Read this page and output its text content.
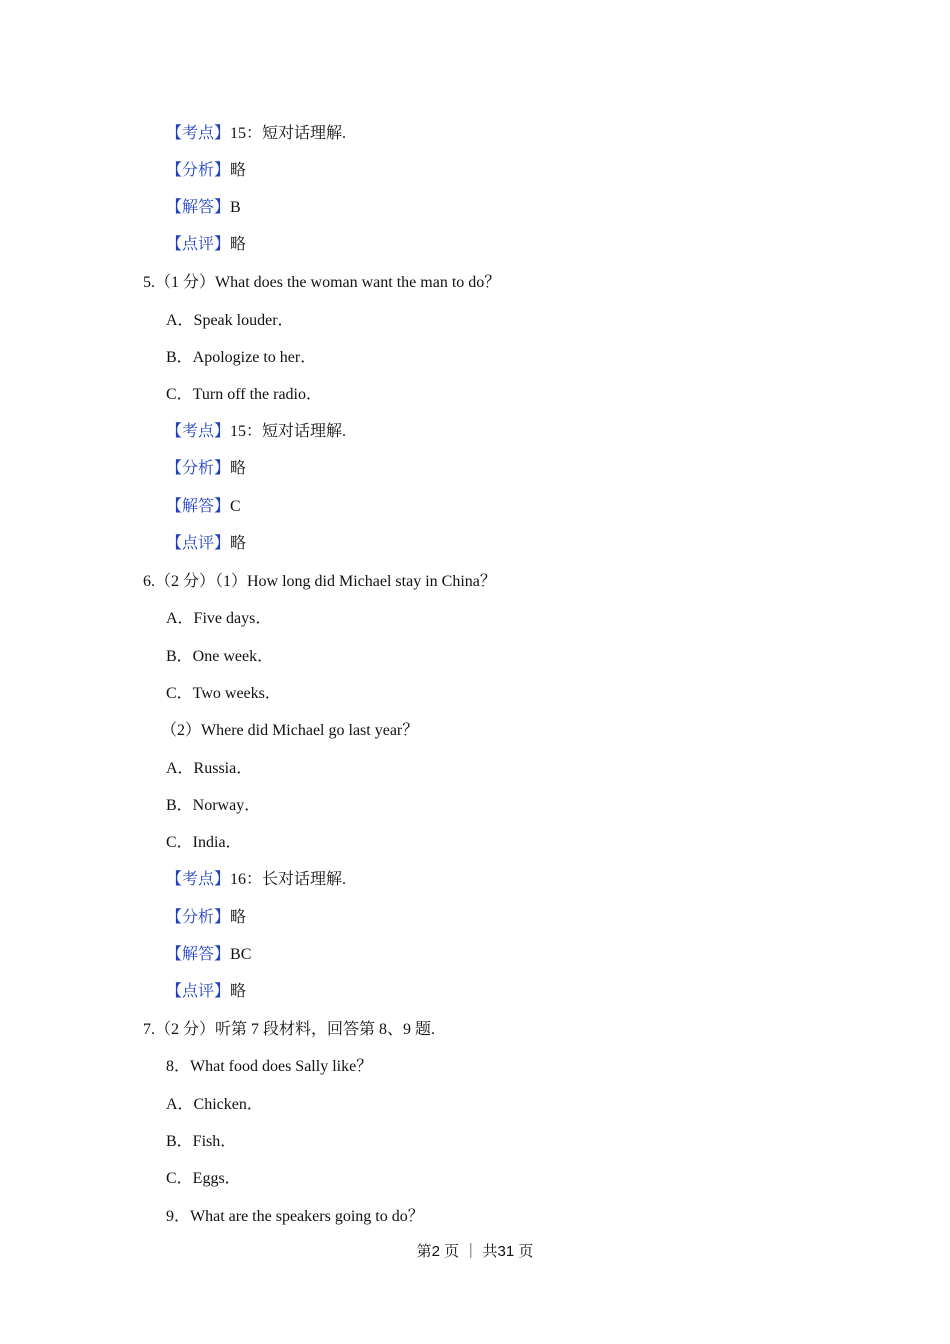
【考点】15：短对话理解.
【分析】略
【解答】B
【点评】略
5.（1 分）What does the woman want the man to do？
A．Speak louder．
B．Apologize to her．
C．Turn off the radio．
【考点】15：短对话理解.
【分析】略
【解答】C
【点评】略
6.（2 分）（1）How long did Michael stay in China？
A．Five days．
B．One week．
C．Two weeks．
（2）Where did Michael go last year？
A．Russia．
B．Norway．
C．India．
【考点】16：长对话理解.
【分析】略
【解答】BC
【点评】略
7.（2 分）听第 7 段材料，回答第 8、9 题.
8．What food does Sally like？
A．Chicken．
B．Fish．
C．Eggs．
9．What are the speakers going to do？
第2 页 ｜ 共31 页
